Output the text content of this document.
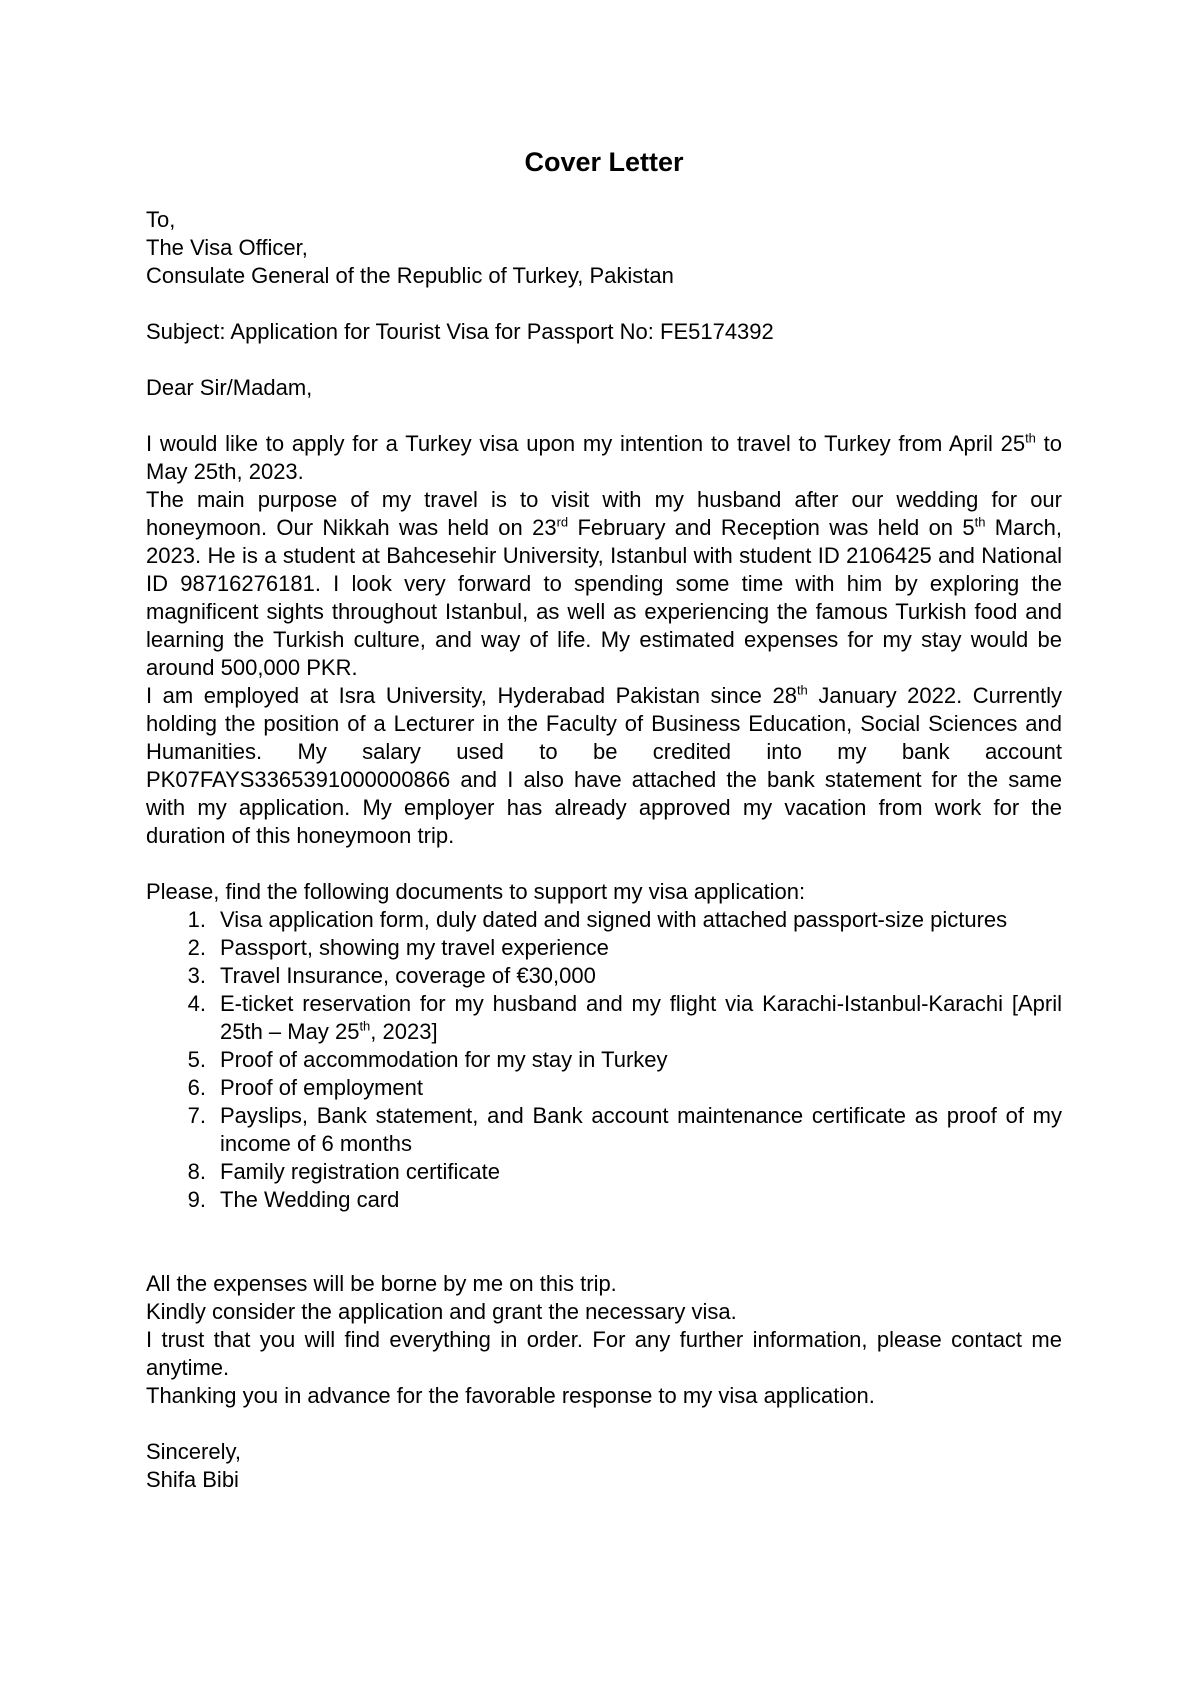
Cover Letter

To,

The Visa Officer,

Consulate General of the Republic of Turkey, Pakistan

Subject: Application for Tourist Visa for Passport No: FE5174392

Dear Sir/Madam,

I would like to apply for a Turkey visa upon my intention to travel to Turkey from April 25th to May 25th, 2023.

The main purpose of my travel is to visit with my husband after our wedding for our honeymoon. Our Nikkah was held on 23rd February and Reception was held on 5th March, 2023. He is a student at Bahcesehir University, Istanbul with student ID 2106425 and National ID 98716276181. I look very forward to spending some time with him by exploring the magnificent sights throughout Istanbul, as well as experiencing the famous Turkish food and learning the Turkish culture, and way of life. My estimated expenses for my stay would be around 500,000 PKR.

I am employed at Isra University, Hyderabad Pakistan since 28th January 2022. Currently holding the position of a Lecturer in the Faculty of Business Education, Social Sciences and Humanities. My salary used to be credited into my bank account PK07FAYS3365391000000866 and I also have attached the bank statement for the same with my application. My employer has already approved my vacation from work for the duration of this honeymoon trip.

Please, find the following documents to support my visa application:

1. Visa application form, duly dated and signed with attached passport-size pictures
2. Passport, showing my travel experience
3. Travel Insurance, coverage of €30,000
4. E-ticket reservation for my husband and my flight via Karachi-Istanbul-Karachi [April 25th – May 25th, 2023]
5. Proof of accommodation for my stay in Turkey
6. Proof of employment
7. Payslips, Bank statement, and Bank account maintenance certificate as proof of my income of 6 months
8. Family registration certificate
9. The Wedding card

All the expenses will be borne by me on this trip.

Kindly consider the application and grant the necessary visa.

I trust that you will find everything in order. For any further information, please contact me anytime.

Thanking you in advance for the favorable response to my visa application.

Sincerely,

Shifa Bibi
